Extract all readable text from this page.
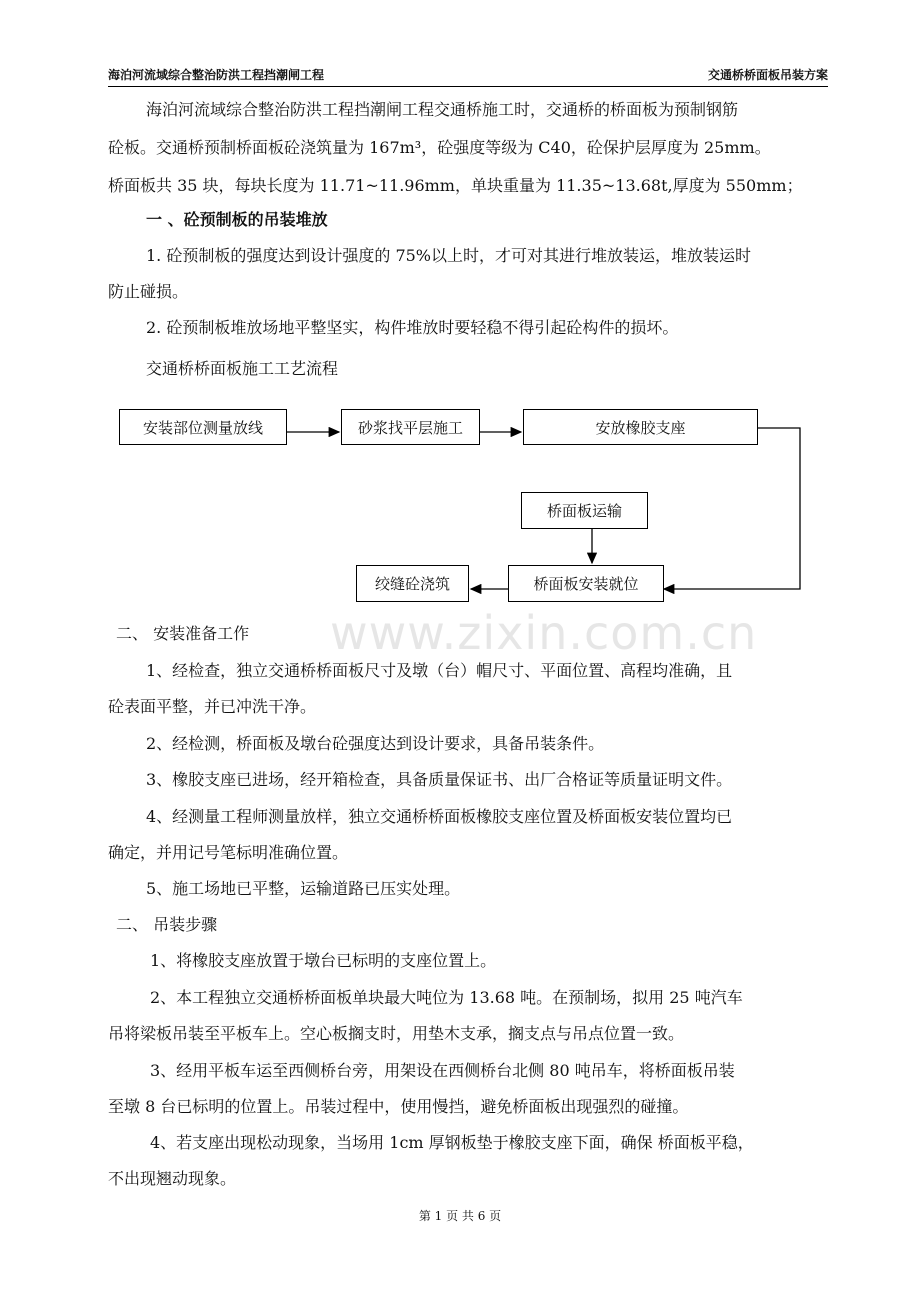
海泊河流域综合整治防洪工程挡潮闸工程	交通桥桥面板吊装方案
海泊河流域综合整治防洪工程挡潮闸工程交通桥施工时，交通桥的桥面板为预制钢筋
砼板。交通桥预制桥面板砼浇筑量为 167m³，砼强度等级为 C40，砼保护层厚度为 25mm。
桥面板共 35 块，每块长度为 11.71~11.96mm，单块重量为 11.35~13.68t,厚度为 550mm；
一 、砼预制板的吊装堆放
1. 砼预制板的强度达到设计强度的 75%以上时，才可对其进行堆放装运，堆放装运时
防止碰损。
2. 砼预制板堆放场地平整坚实，构件堆放时要轻稳不得引起砼构件的损坏。
交通桥桥面板施工工艺流程
安装部位测量放线	砂浆找平层施工	安放橡胶支座
桥面板运输
桥面板安装就位
绞缝砼浇筑
www.zixin.com.cn
二、 安装准备工作
1、经检查，独立交通桥桥面板尺寸及墩（台）帽尺寸、平面位置、高程均准确，且
砼表面平整，并已冲洗干净。
2、经检测，桥面板及墩台砼强度达到设计要求，具备吊装条件。
3、橡胶支座已进场，经开箱检查，具备质量保证书、出厂合格证等质量证明文件。
4、经测量工程师测量放样，独立交通桥桥面板橡胶支座位置及桥面板安装位置均已
确定，并用记号笔标明准确位置。
5、施工场地已平整，运输道路已压实处理。
二、 吊装步骤
1、将橡胶支座放置于墩台已标明的支座位置上。
2、本工程独立交通桥桥面板单块最大吨位为 13.68 吨。在预制场，拟用 25 吨汽车
吊将梁板吊装至平板车上。空心板搁支时，用垫木支承，搁支点与吊点位置一致。
3、经用平板车运至西侧桥台旁，用架设在西侧桥台北侧 80 吨吊车，将桥面板吊装
至墩 8 台已标明的位置上。吊装过程中，使用慢挡，避免桥面板出现强烈的碰撞。
4、若支座出现松动现象，当场用 1cm 厚钢板垫于橡胶支座下面，确保 桥面板平稳，
不出现翘动现象。
第 1 页 共 6 页
